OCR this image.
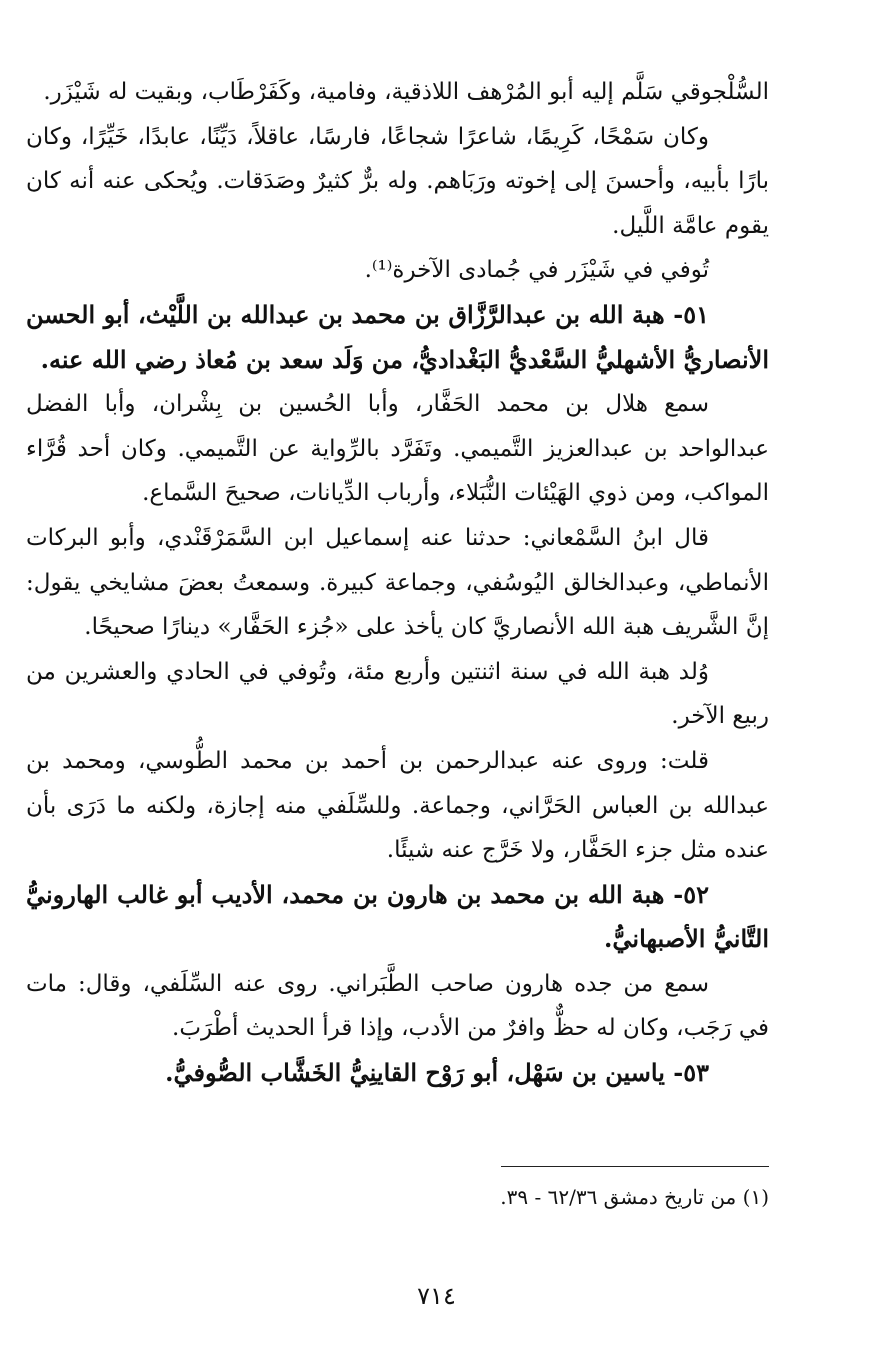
السُّلْجوقي سَلَّم إليه أبو المُرْهف اللاذقية، وفامية، وكَفَرْطَاب، وبقيت له شَيْزَر.

وكان سَمْحًا، كَرِيمًا، شاعرًا شجاعًا، فارسًا، عاقلاً، دَيِّنًا، عابدًا، خَيِّرًا، وكان بارًا بأبيه، وأحسنَ إلى إخوته ورَبَاهم. وله برٌّ كثيرٌ وصَدَقات. ويُحكى عنه أنه كان يقوم عامَّة اللَّيل.

تُوفي في شَيْزَر في جُمادى الآخرة⁽¹⁾.

٥١- هبة الله بن عبدالرَّزَّاق بن محمد بن عبدالله بن اللَّيْث، أبو الحسن الأنصاريُّ الأشهليُّ السَّعْديُّ البَغْداديُّ، من وَلَد سعد بن مُعاذ رضي الله عنه.

سمع هلال بن محمد الحَفَّار، وأبا الحُسين بن بِشْران، وأبا الفضل عبدالواحد بن عبدالعزيز التَّميمي. وتَفَرَّد بالرِّواية عن التَّميمي. وكان أحد قُرَّاء المواكب، ومن ذوي الهَيْئات النُّبَلاء، وأرباب الدِّيانات، صحيحَ السَّماع.

قال ابنُ السَّمْعاني: حدثنا عنه إسماعيل ابن السَّمَرْقَنْدي، وأبو البركات الأنماطي، وعبدالخالق اليُوسُفي، وجماعة كبيرة. وسمعتُ بعضَ مشايخي يقول: إنَّ الشَّريف هبة الله الأنصاريَّ كان يأخذ على «جُزء الحَفَّار» دينارًا صحيحًا.

وُلد هبة الله في سنة اثنتين وأربع مئة، وتُوفي في الحادي والعشرين من ربيع الآخر.

قلت: وروى عنه عبدالرحمن بن أحمد بن محمد الطُّوسي، ومحمد بن عبدالله بن العباس الحَرَّاني، وجماعة. وللسِّلَفي منه إجازة، ولكنه ما دَرَى بأن عنده مثل جزء الحَفَّار، ولا خَرَّج عنه شيئًا.

٥٢- هبة الله بن محمد بن هارون بن محمد، الأديب أبو غالب الهارونيُّ التَّانيُّ الأصبهانيُّ.

سمع من جده هارون صاحب الطَّبَراني. روى عنه السِّلَفي، وقال: مات في رَجَب، وكان له حظٌّ وافرٌ من الأدب، وإذا قرأ الحديث أطْرَبَ.

٥٣- ياسين بن سَهْل، أبو رَوْح القاينِيُّ الخَشَّاب الصُّوفيُّ.

(١) من تاريخ دمشق ٦٢/٣٦ - ٣٩.
٧١٤
